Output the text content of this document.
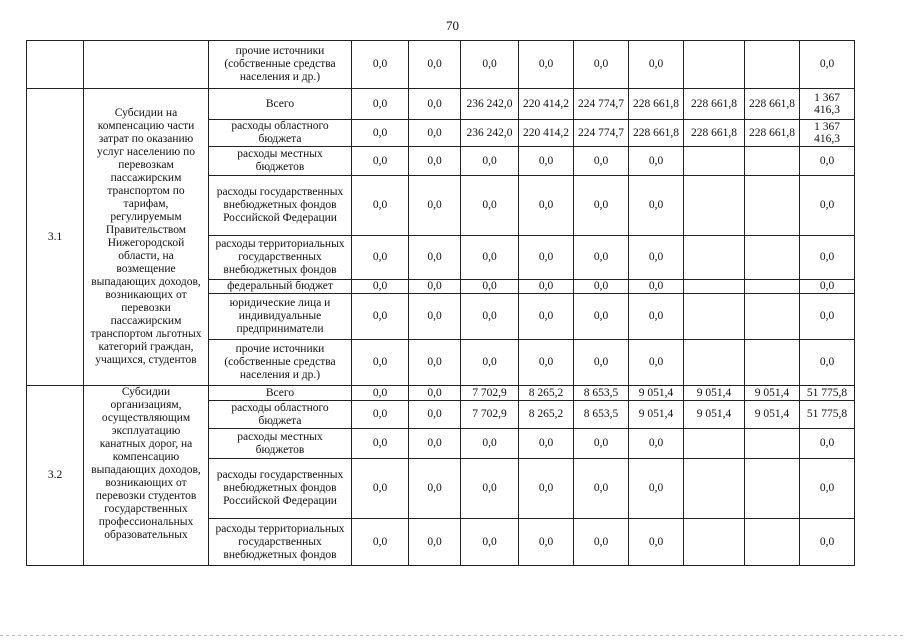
70
		прочие источники (собственные средства населения и др.)	0,0	0,0	0,0	0,0	0,0	0,0			0,0
3.1	Субсидии на компенсацию части затрат по оказанию услуг населению по перевозкам пассажирским транспортом по тарифам, регулируемым Правительством Нижегородской области, на возмещение выпадающих доходов, возникающих от перевозки пассажирским транспортом льготных категорий граждан, учащихся, студентов	Всего	0,0	0,0	236 242,0	220 414,2	224 774,7	228 661,8	228 661,8	228 661,8	1 367 416,3
		расходы областного бюджета	0,0	0,0	236 242,0	220 414,2	224 774,7	228 661,8	228 661,8	228 661,8	1 367 416,3
		расходы местных бюджетов	0,0	0,0	0,0	0,0	0,0	0,0			0,0
		расходы государственных внебюджетных фондов Российской Федерации	0,0	0,0	0,0	0,0	0,0	0,0			0,0
		расходы территориальных государственных внебюджетных фондов	0,0	0,0	0,0	0,0	0,0	0,0			0,0
		федеральный бюджет	0,0	0,0	0,0	0,0	0,0	0,0			0,0
		юридические лица и индивидуальные предприниматели	0,0	0,0	0,0	0,0	0,0	0,0			0,0
		прочие источники (собственные средства населения и др.)	0,0	0,0	0,0	0,0	0,0	0,0			0,0
3.2	Субсидии организациям, осуществляющим эксплуатацию канатных дорог, на компенсацию выпадающих доходов, возникающих от перевозки студентов государственных профессиональных образовательных	Всего	0,0	0,0	7 702,9	8 265,2	8 653,5	9 051,4	9 051,4	9 051,4	51 775,8
		расходы областного бюджета	0,0	0,0	7 702,9	8 265,2	8 653,5	9 051,4	9 051,4	9 051,4	51 775,8
		расходы местных бюджетов	0,0	0,0	0,0	0,0	0,0	0,0			0,0
		расходы государственных внебюджетных фондов Российской Федерации	0,0	0,0	0,0	0,0	0,0	0,0			0,0
		расходы территориальных государственных внебюджетных фондов	0,0	0,0	0,0	0,0	0,0	0,0			0,0
